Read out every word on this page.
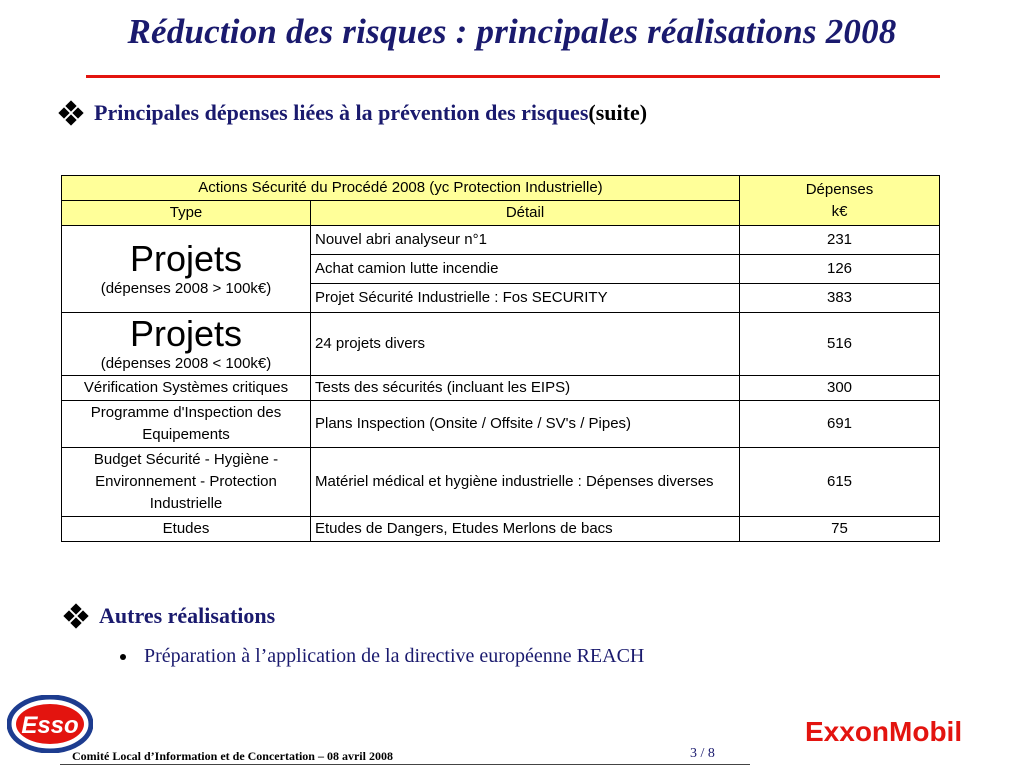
Réduction des risques : principales réalisations 2008
Principales dépenses liées à la prévention des risques (suite)
Actions Sécurité du Procédé 2008 (yc Protection Industrielle)		Dépenses
k€
Type	Détail	

Projets
(dépenses 2008 > 100k€)	Nouvel abri analyseur n°1	231
	Achat camion lutte incendie	126
	Projet Sécurité Industrielle : Fos SECURITY	383

Projets
(dépenses 2008 < 100k€)	24 projets divers	516
Vérification Systèmes critiques	Tests des sécurités (incluant les EIPS)	300
Programme d'Inspection des Equipements	Plans Inspection (Onsite / Offsite / SV's / Pipes)	691
Budget Sécurité - Hygiène - Environnement - Protection Industrielle	Matériel médical et hygiène industrielle : Dépenses diverses	615
Etudes	Etudes de Dangers, Etudes Merlons de bacs	75
Autres réalisations
Préparation à l’application de la directive européenne REACH
Esso
Comité Local d’Information et de Concertation – 08 avril 2008	3 / 8
ExxonMobil
